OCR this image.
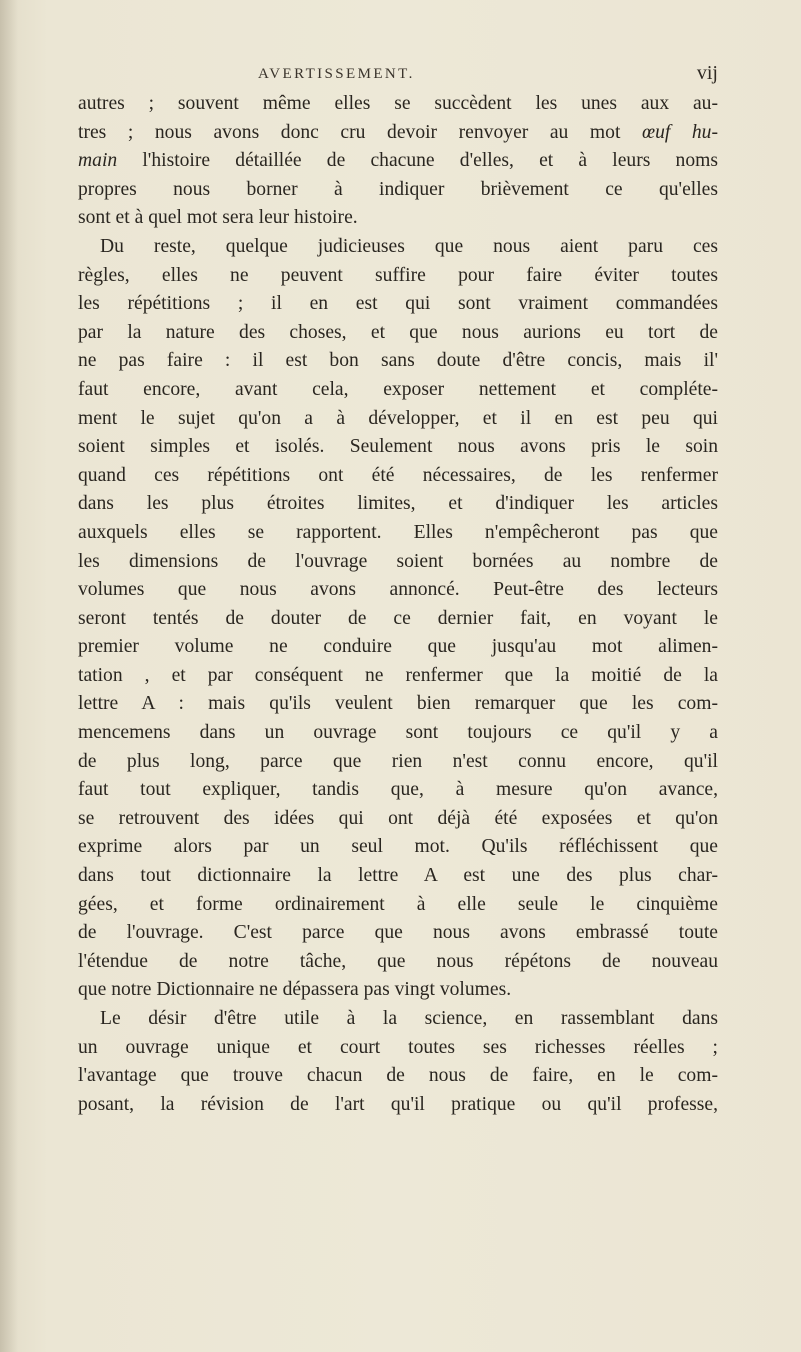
AVERTISSEMENT.	vij
autres ; souvent même elles se succèdent les unes aux au-
tres ; nous avons donc cru devoir renvoyer au mot œuf hu-
main l'histoire détaillée de chacune d'elles, et à leurs noms
propres nous borner à indiquer brièvement ce qu'elles
sont et à quel mot sera leur histoire.
Du reste, quelque judicieuses que nous aient paru ces
règles, elles ne peuvent suffire pour faire éviter toutes
les répétitions ; il en est qui sont vraiment commandées
par la nature des choses, et que nous aurions eu tort de
ne pas faire : il est bon sans doute d'être concis, mais il'
faut encore, avant cela, exposer nettement et compléte-
ment le sujet qu'on a à développer, et il en est peu qui
soient simples et isolés. Seulement nous avons pris le soin
quand ces répétitions ont été nécessaires, de les renfermer
dans les plus étroites limites, et d'indiquer les articles
auxquels elles se rapportent. Elles n'empêcheront pas que
les dimensions de l'ouvrage soient bornées au nombre de
volumes que nous avons annoncé. Peut-être des lecteurs
seront tentés de douter de ce dernier fait, en voyant le
premier volume ne conduire que jusqu'au mot alimen-
tation , et par conséquent ne renfermer que la moitié de la
lettre A : mais qu'ils veulent bien remarquer que les com-
mencemens dans un ouvrage sont toujours ce qu'il y a
de plus long, parce que rien n'est connu encore, qu'il
faut tout expliquer, tandis que, à mesure qu'on avance,
se retrouvent des idées qui ont déjà été exposées et qu'on
exprime alors par un seul mot. Qu'ils réfléchissent que
dans tout dictionnaire la lettre A est une des plus char-
gées, et forme ordinairement à elle seule le cinquième
de l'ouvrage. C'est parce que nous avons embrassé toute
l'étendue de notre tâche, que nous répétons de nouveau
que notre Dictionnaire ne dépassera pas vingt volumes.
Le désir d'être utile à la science, en rassemblant dans
un ouvrage unique et court toutes ses richesses réelles ;
l'avantage que trouve chacun de nous de faire, en le com-
posant, la révision de l'art qu'il pratique ou qu'il professe,
